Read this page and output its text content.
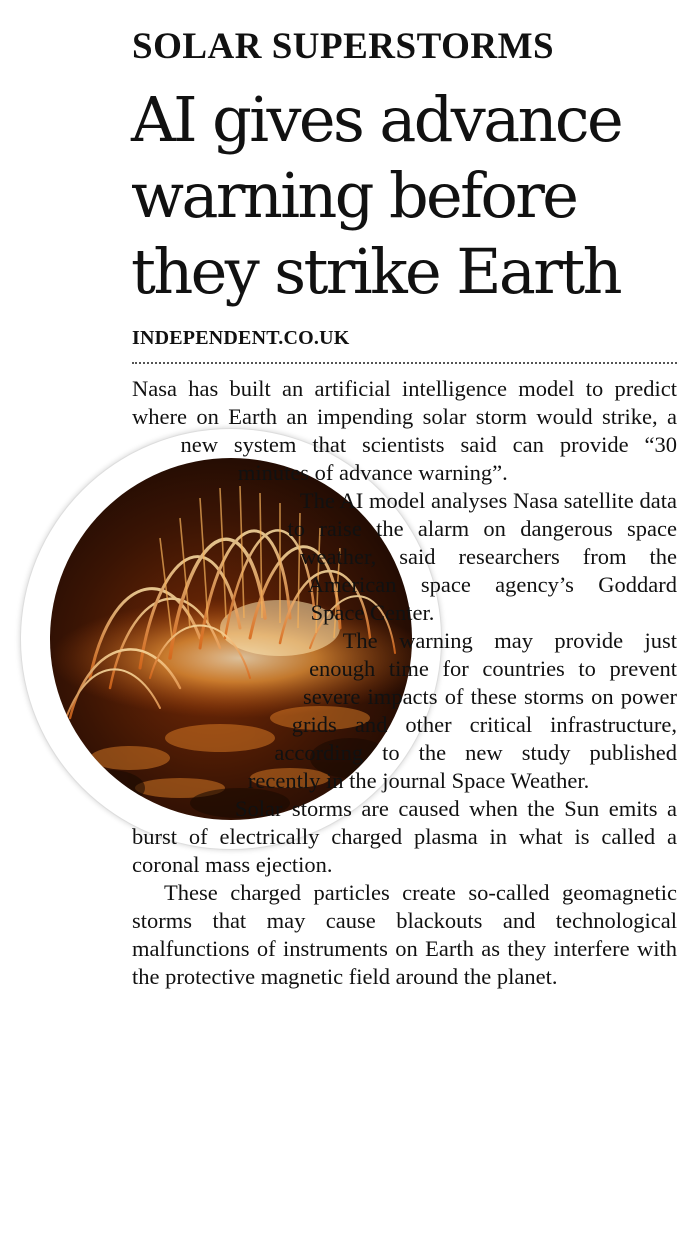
SOLAR SUPERSTORMS
AI gives advance
warning before
they strike Earth
INDEPENDENT.CO.UK

Nasa has built an artificial intelligence model to predict where on Earth an impending solar storm would strike, a new system that scientists said can provide “30 minutes of advance warning”.

The AI model analyses Nasa satellite data to raise the alarm on dangerous space weather, said researchers from the American space agency’s Goddard Space Center.

The warning may provide just enough time for countries to prevent severe impacts of these storms on power grids and other critical infrastructure, according to the new study published recently in the journal Space Weather.

Solar storms are caused when the Sun emits a burst of electrically charged plasma in what is called a coronal mass ejection.

These charged particles create so-called geomagnetic storms that may cause blackouts and technological malfunctions of instruments on Earth as they interfere with the protective magnetic field around the planet.
